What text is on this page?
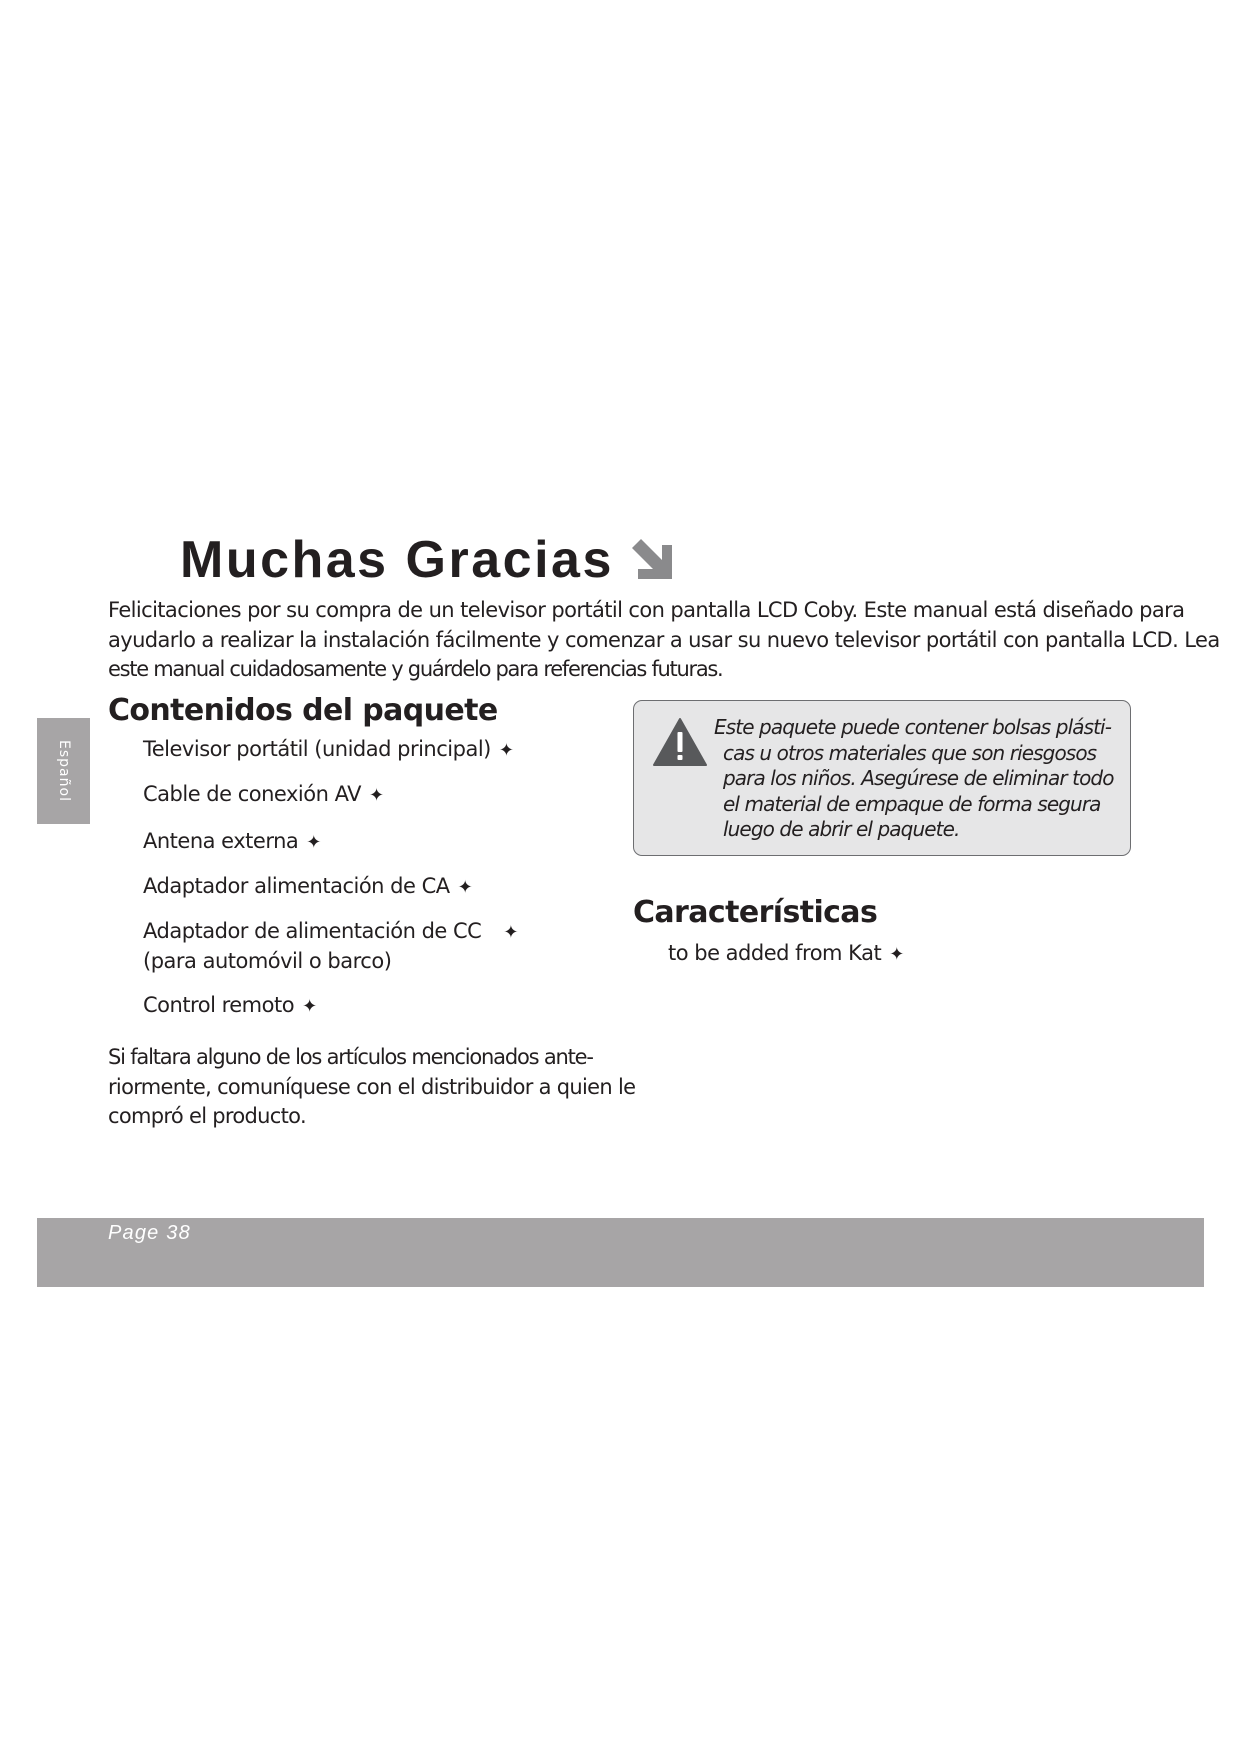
Muchas Gracias

Felicitaciones por su compra de un televisor portátil con pantalla LCD Coby. Este manual está diseñado para
ayudarlo a realizar la instalación fácilmente y comenzar a usar su nuevo televisor portátil con pantalla LCD. Lea
este manual cuidadosamente y guárdelo para referencias futuras.

Español
Contenidos del paquete
Televisor portátil (unidad principal) ✦
Cable de conexión AV ✦
Antena externa ✦
Adaptador alimentación de CA ✦
Adaptador de alimentación de CC ✦
(para automóvil o barco)
Control remoto ✦

Si faltara alguno de los artículos mencionados ante-
riormente, comuníquese con el distribuidor a quien le
compró el producto.

Este paquete puede contener bolsas plásti-
cas u otros materiales que son riesgosos
para los niños. Asegúrese de eliminar todo
el material de empaque de forma segura
luego de abrir el paquete.

Características
to be added from Kat ✦
Page 38
